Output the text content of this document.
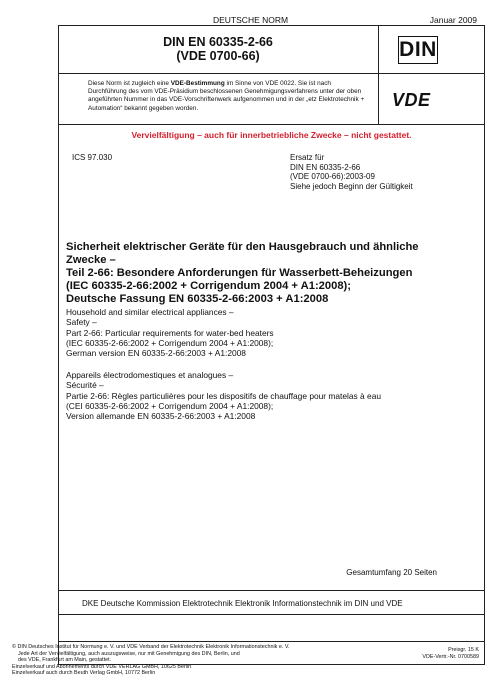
DEUTSCHE NORM	Januar 2009
DIN EN 60335-2-66
(VDE 0700-66)	DIN
VDE
Diese Norm ist zugleich eine VDE-Bestimmung im Sinne von VDE 0022. Sie ist nach Durchführung des vom VDE-Präsidium beschlossenen Genehmigungsverfahrens unter der oben angeführten Nummer in das VDE-Vorschriftenwerk aufgenommen und in der „etz Elektrotechnik + Automation“ bekannt gegeben worden.
Vervielfältigung – auch für innerbetriebliche Zwecke – nicht gestattet.
ICS 97.030	Ersatz für
DIN EN 60335-2-66
(VDE 0700-66):2003-09
Siehe jedoch Beginn der Gültigkeit
Sicherheit elektrischer Geräte für den Hausgebrauch und ähnliche
Zwecke –
Teil 2-66: Besondere Anforderungen für Wasserbett-Beheizungen
(IEC 60335-2-66:2002 + Corrigendum 2004 + A1:2008);
Deutsche Fassung EN 60335-2-66:2003 + A1:2008
Household and similar electrical appliances –
Safety –
Part 2-66: Particular requirements for water-bed heaters
(IEC 60335-2-66:2002 + Corrigendum 2004 + A1:2008);
German version EN 60335-2-66:2003 + A1:2008
Appareils électrodomestiques et analogues –
Sécurité –
Partie 2-66: Règles particulières pour les dispositifs de chauffage pour matelas à eau
(CEI 60335-2-66:2002 + Corrigendum 2004 + A1:2008);
Version allemande EN 60335-2-66:2003 + A1:2008
Gesamtumfang 20 Seiten
DKE Deutsche Kommission Elektrotechnik Elektronik Informationstechnik im DIN und VDE
© DIN Deutsches Institut für Normung e. V. und VDE Verband der Elektrotechnik Elektronik Informationstechnik e. V.
Jede Art der Vervielfältigung, auch auszugsweise, nur mit Genehmigung des DIN, Berlin, und
des VDE, Frankfurt am Main, gestattet.
Einzelverkauf und Abonnements durch VDE VERLAG GMBH, 10625 Berlin
Einzelverkauf auch durch Beuth Verlag GmbH, 10772 Berlin
Preisgr. 15 K
VDE-Vertr.-Nr. 0700589
